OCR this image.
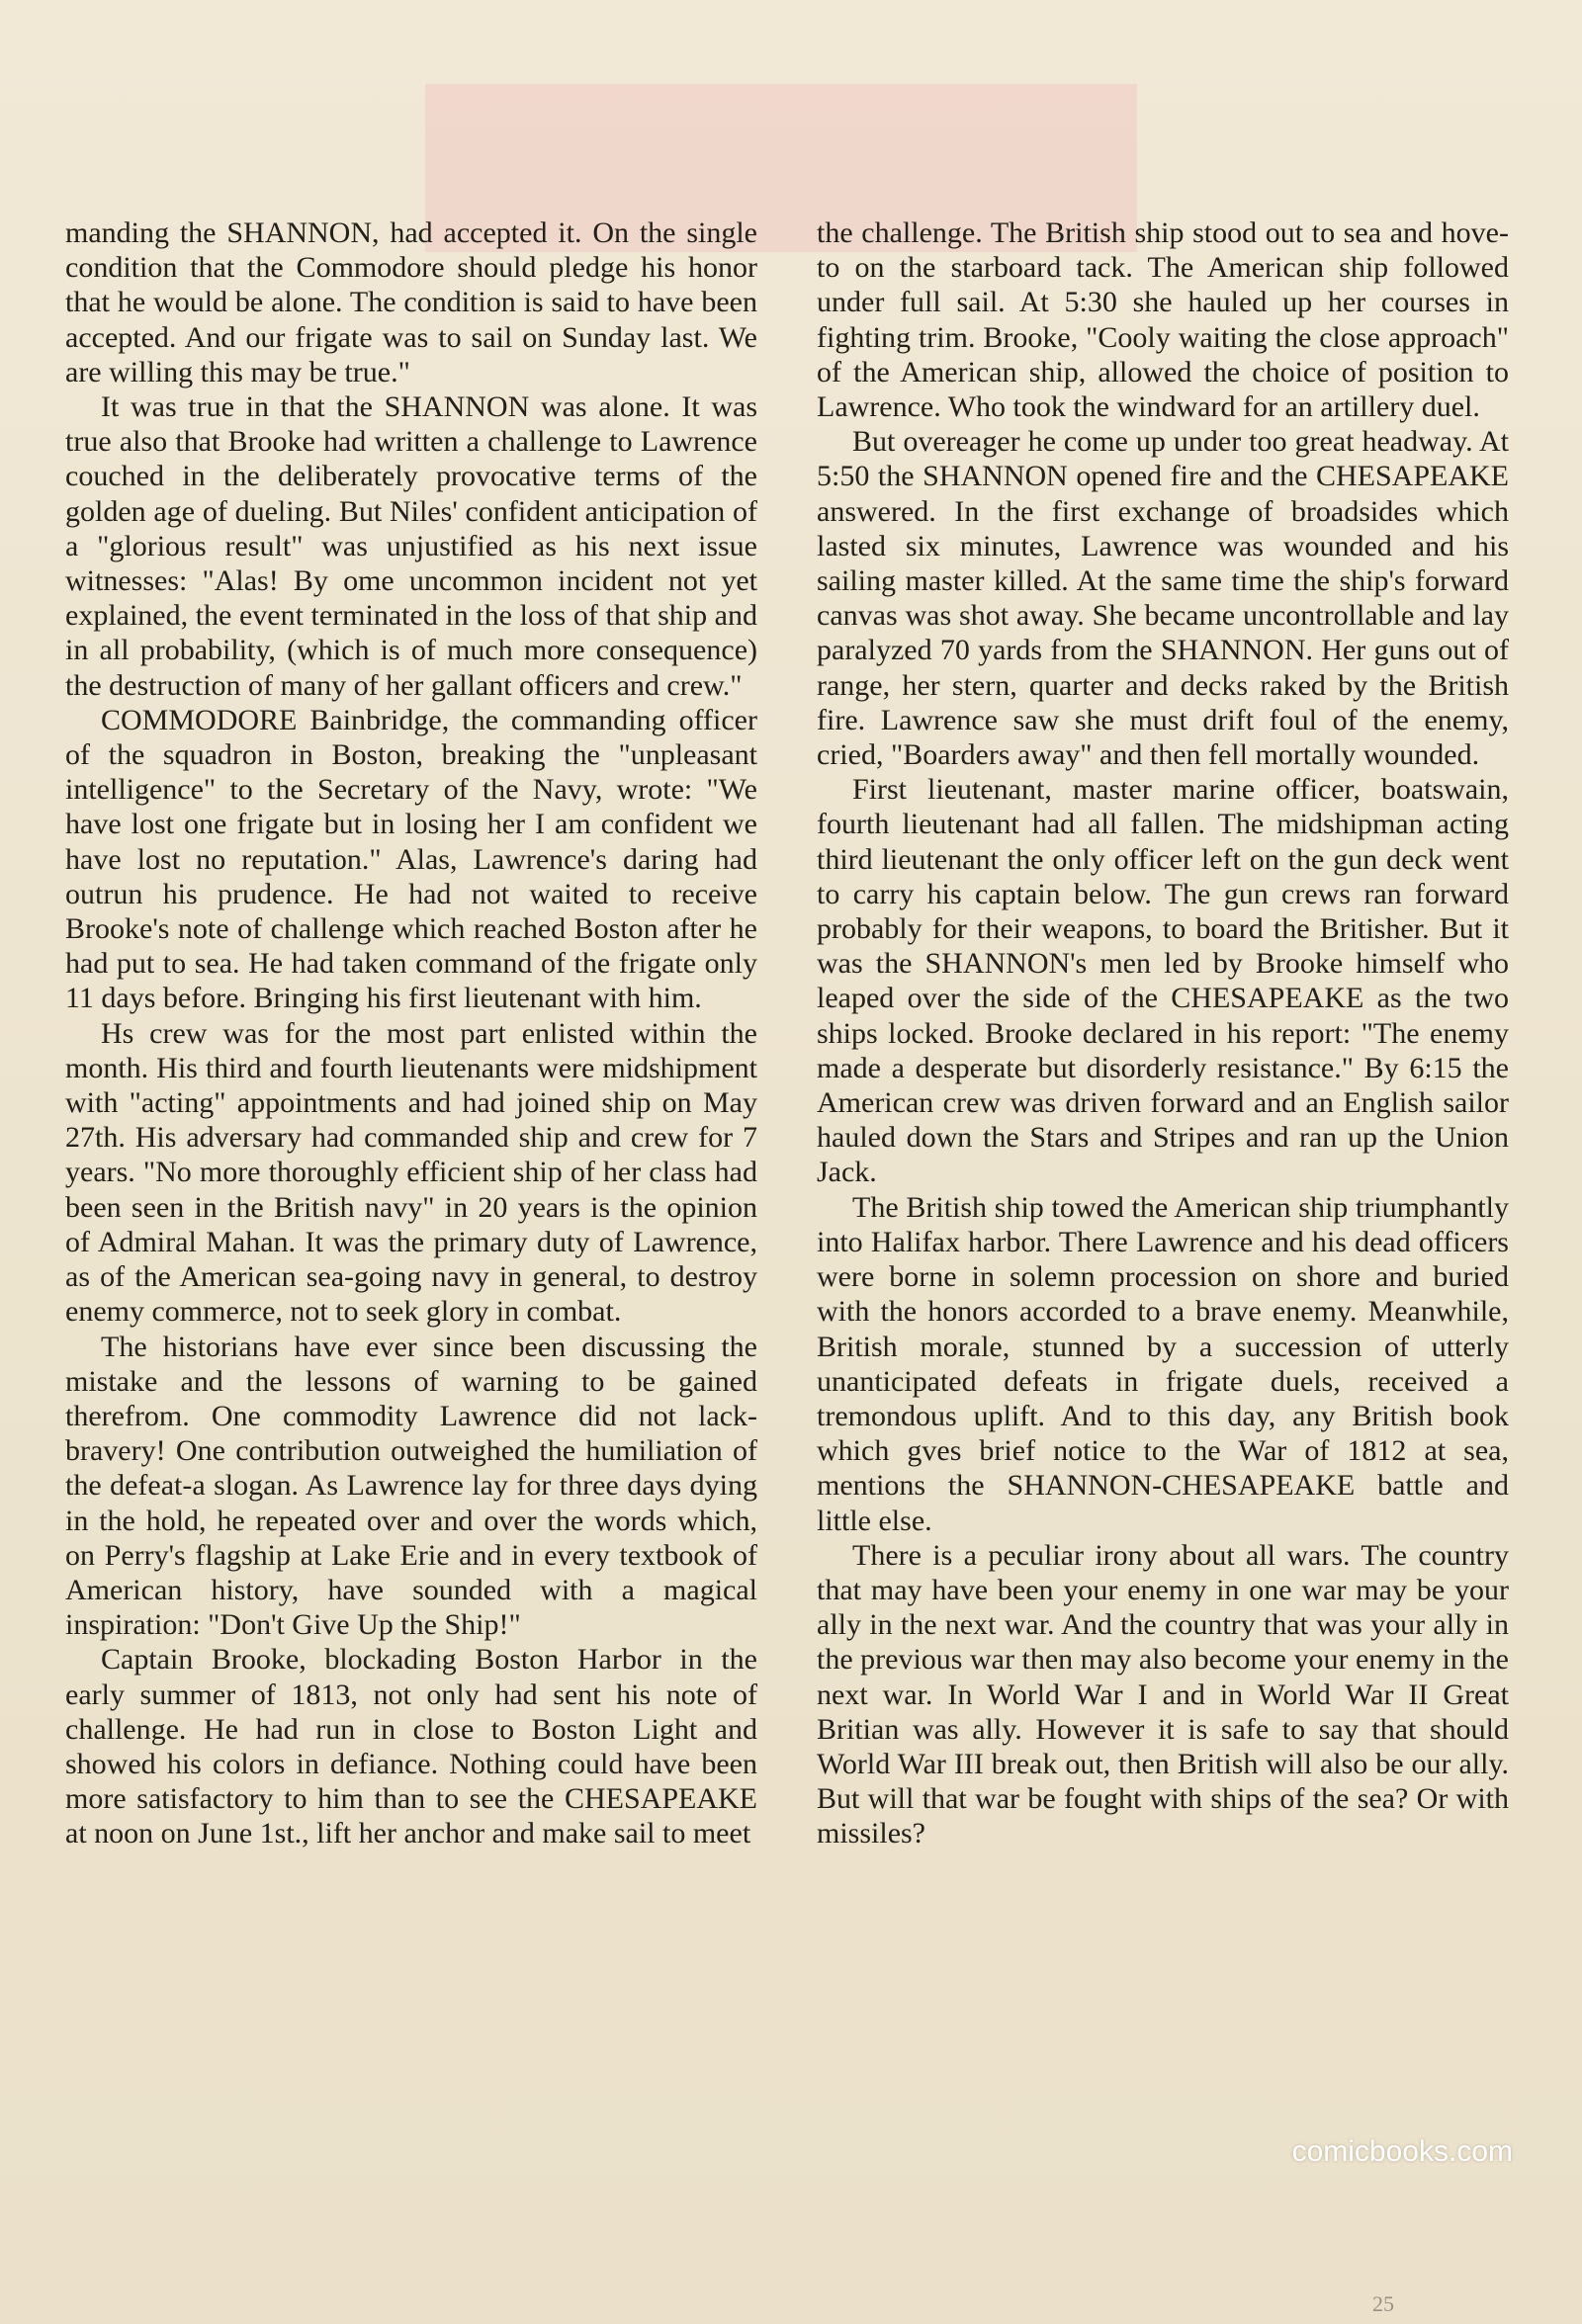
manding the SHANNON, had accepted it. On the single condition that the Commodore should pledge his honor that he would be alone. The condition is said to have been accepted. And our frigate was to sail on Sunday last. We are willing this may be true."

It was true in that the SHANNON was alone. It was true also that Brooke had written a challenge to Lawrence couched in the deliberately provocative terms of the golden age of dueling. But Niles' confident anticipation of a "glorious result" was unjustified as his next issue witnesses: "Alas! By ome uncommon incident not yet explained, the event terminated in the loss of that ship and in all probability, (which is of much more consequence) the destruction of many of her gallant officers and crew."

COMMODORE Bainbridge, the commanding officer of the squadron in Boston, breaking the "unpleasant intelligence" to the Secretary of the Navy, wrote: "We have lost one frigate but in losing her I am confident we have lost no reputation." Alas, Lawrence's daring had outrun his prudence. He had not waited to receive Brooke's note of challenge which reached Boston after he had put to sea. He had taken command of the frigate only 11 days before. Bringing his first lieutenant with him.

Hs crew was for the most part enlisted within the month. His third and fourth lieutenants were midshipment with "acting" appointments and had joined ship on May 27th. His adversary had commanded ship and crew for 7 years. "No more thoroughly efficient ship of her class had been seen in the British navy" in 20 years is the opinion of Admiral Mahan. It was the primary duty of Lawrence, as of the American sea-going navy in general, to destroy enemy commerce, not to seek glory in combat.

The historians have ever since been discussing the mistake and the lessons of warning to be gained therefrom. One commodity Lawrence did not lack-bravery! One contribution outweighed the humiliation of the defeat-a slogan. As Lawrence lay for three days dying in the hold, he repeated over and over the words which, on Perry's flagship at Lake Erie and in every textbook of American history, have sounded with a magical inspiration: "Don't Give Up the Ship!"

Captain Brooke, blockading Boston Harbor in the early summer of 1813, not only had sent his note of challenge. He had run in close to Boston Light and showed his colors in defiance. Nothing could have been more satisfactory to him than to see the CHESAPEAKE at noon on June 1st., lift her anchor and make sail to meet

the challenge. The British ship stood out to sea and hove-to on the starboard tack. The American ship followed under full sail. At 5:30 she hauled up her courses in fighting trim. Brooke, "Cooly waiting the close approach" of the American ship, allowed the choice of position to Lawrence. Who took the windward for an artillery duel.

But overeager he come up under too great headway. At 5:50 the SHANNON opened fire and the CHESAPEAKE answered. In the first exchange of broadsides which lasted six minutes, Lawrence was wounded and his sailing master killed. At the same time the ship's forward canvas was shot away. She became uncontrollable and lay paralyzed 70 yards from the SHANNON. Her guns out of range, her stern, quarter and decks raked by the British fire. Lawrence saw she must drift foul of the enemy, cried, "Boarders away" and then fell mortally wounded.

First lieutenant, master marine officer, boatswain, fourth lieutenant had all fallen. The midshipman acting third lieutenant the only officer left on the gun deck went to carry his captain below. The gun crews ran forward probably for their weapons, to board the Britisher. But it was the SHANNON's men led by Brooke himself who leaped over the side of the CHESAPEAKE as the two ships locked. Brooke declared in his report: "The enemy made a desperate but disorderly resistance." By 6:15 the American crew was driven forward and an English sailor hauled down the Stars and Stripes and ran up the Union Jack.

The British ship towed the American ship triumphantly into Halifax harbor. There Lawrence and his dead officers were borne in solemn procession on shore and buried with the honors accorded to a brave enemy. Meanwhile, British morale, stunned by a succession of utterly unanticipated defeats in frigate duels, received a tremondous uplift. And to this day, any British book which gves brief notice to the War of 1812 at sea, mentions the SHANNON-CHESAPEAKE battle and little else.

There is a peculiar irony about all wars. The country that may have been your enemy in one war may be your ally in the next war. And the country that was your ally in the previous war then may also become your enemy in the next war. In World War I and in World War II Great Britian was ally. However it is safe to say that should World War III break out, then British will also be our ally. But will that war be fought with ships of the sea? Or with missiles?

comicbooks.com
25
